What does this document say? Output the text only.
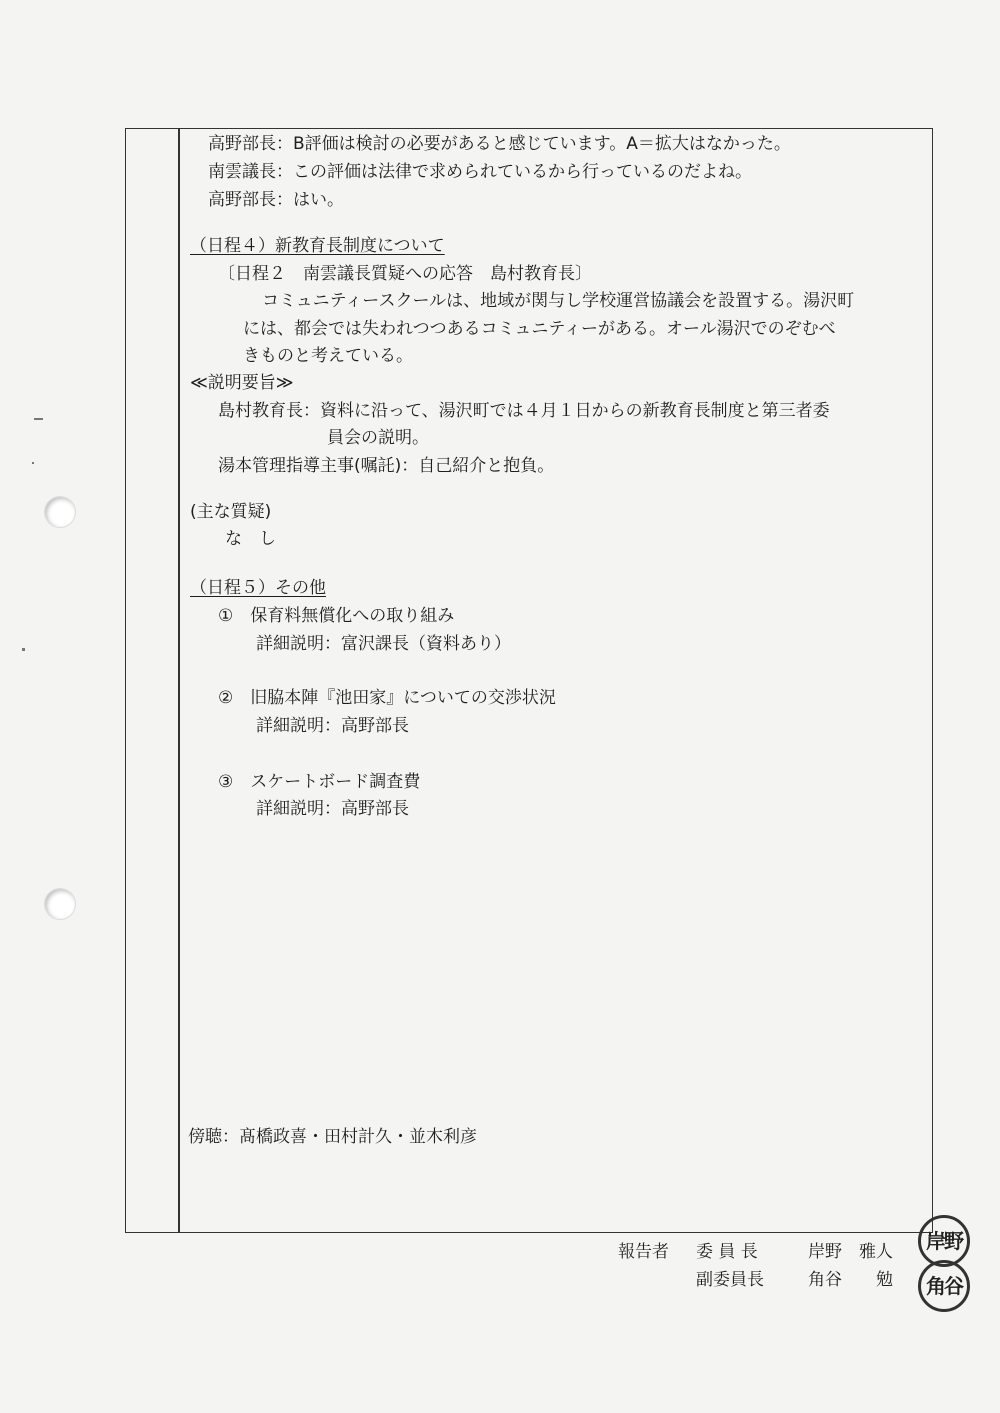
高野部長：B評価は検討の必要があると感じています。A＝拡大はなかった。
南雲議長：この評価は法律で求められているから行っているのだよね。
高野部長：はい。
（日程４）新教育長制度について
〔日程２　南雲議長質疑への応答　島村教育長〕
コミュニティースクールは、地域が関与し学校運営協議会を設置する。湯沢町
には、都会では失われつつあるコミュニティーがある。オール湯沢でのぞむべ
きものと考えている。
≪説明要旨≫
島村教育長：資料に沿って、湯沢町では４月１日からの新教育長制度と第三者委
員会の説明。
湯本管理指導主事(嘱託)：自己紹介と抱負。
(主な質疑)
な　し
（日程５）その他
①　保育料無償化への取り組み
詳細説明：富沢課長（資料あり）
②　旧脇本陣『池田家』についての交渉状況
詳細説明：高野部長
③　スケートボード調査費
詳細説明：高野部長
傍聴：髙橋政喜・田村計久・並木利彦
報告者 委 員 長	岸野　雅人
副委員長	角谷　　勉
岸野
角谷
